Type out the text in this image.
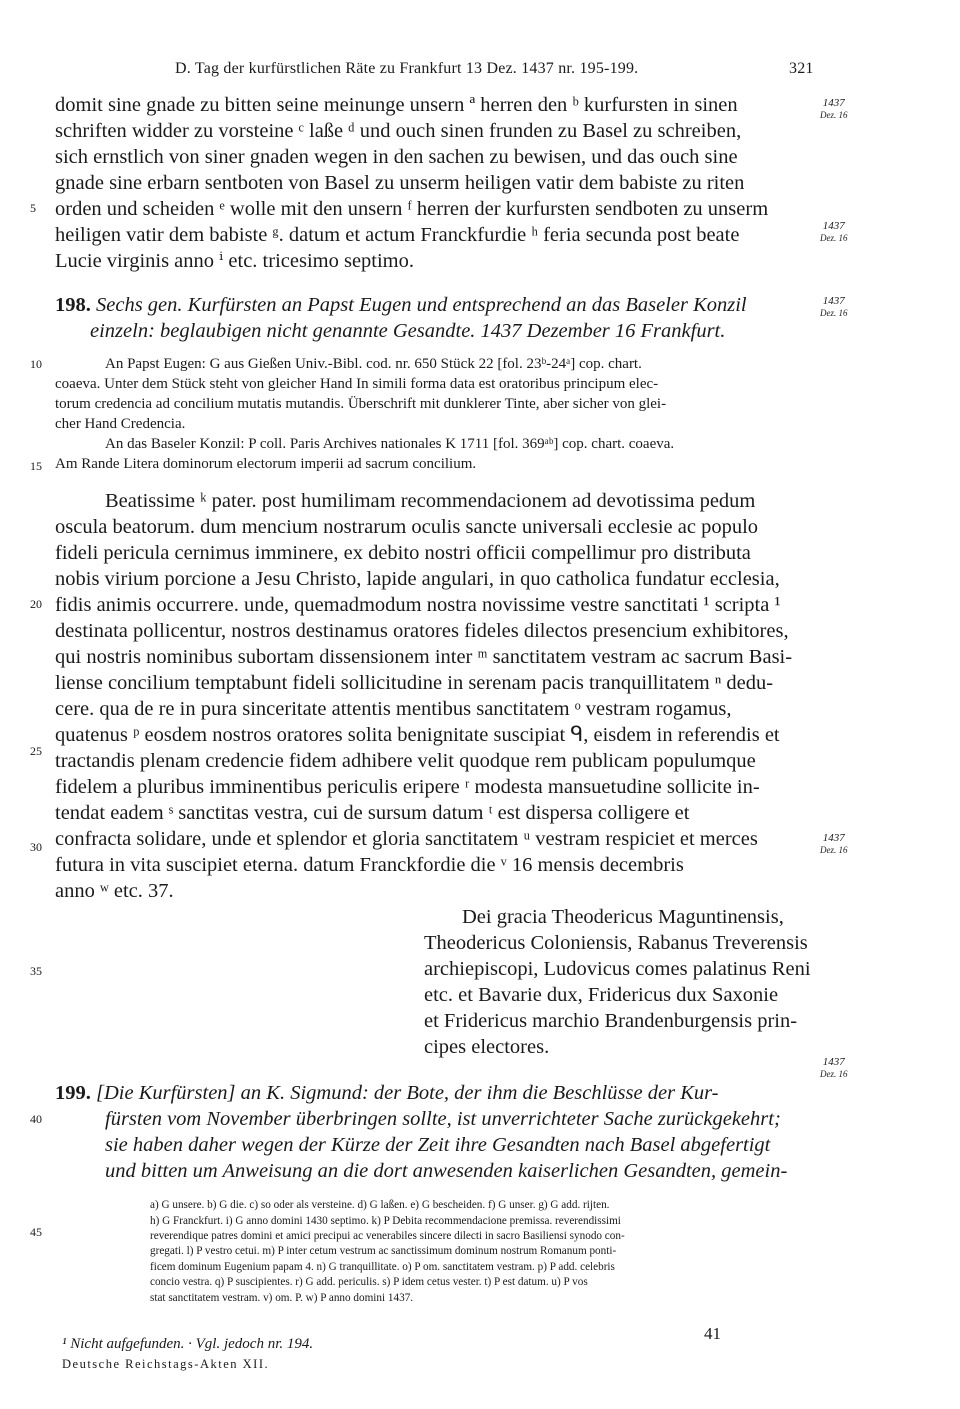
D. Tag der kurfürstlichen Räte zu Frankfurt 13 Dez. 1437 nr. 195-199.	321
domit sine gnade zu bitten seine meinunge unsern ª herren den ᵇ kurfursten in sinen
schriften widder zu vorsteine ᶜ laße ᵈ und ouch sinen frunden zu Basel zu schreiben,
sich ernstlich von siner gnaden wegen in den sachen zu bewisen, und das ouch sine
gnade sine erbarn sentboten von Basel zu unserm heiligen vatir dem babiste zu riten
orden und scheiden ᵉ wolle mit den unsern ᶠ herren der kurfursten sendboten zu unserm
heiligen vatir dem babiste ᵍ. datum et actum Franckfurdie ʰ feria secunda post beate
Lucie virginis anno ⁱ etc. tricesimo septimo.
198. Sechs gen. Kurfürsten an Papst Eugen und entsprechend an das Baseler Konzil
einzeln: beglaubigen nicht genannte Gesandte. 1437 Dezember 16 Frankfurt.
An Papst Eugen: G aus Gießen Univ.-Bibl. cod. nr. 650 Stück 22 [fol. 23ᵇ-24ᵃ] cop. chart.
coaeva. Unter dem Stück steht von gleicher Hand In simili forma data est oratoribus principum elec-
torum credencia ad concilium mutatis mutandis. Überschrift mit dunklerer Tinte, aber sicher von glei-
cher Hand Credencia.
An das Baseler Konzil: P coll. Paris Archives nationales K 1711 [fol. 369ᵃᵇ] cop. chart. coaeva.
Am Rande Litera dominorum electorum imperii ad sacrum concilium.
Beatissime ᵏ pater. post humilimam recommendacionem ad devotissima pedum
oscula beatorum. dum mencium nostrarum oculis sancte universali ecclesie ac populo
fideli pericula cernimus imminere, ex debito nostri officii compellimur pro distributa
nobis virium porcione a Jesu Christo, lapide angulari, in quo catholica fundatur ecclesia,
fidis animis occurrere. unde, quemadmodum nostra novissime vestre sanctitati ¹ scripta ¹
destinata pollicentur, nostros destinamus oratores fideles dilectos presencium exhibitores,
qui nostris nominibus subortam dissensionem inter ᵐ sanctitatem vestram ac sacrum Basi-
liense concilium temptabunt fideli sollicitudine in serenam pacis tranquillitatem ⁿ dedu-
cere. qua de re in pura sinceritate attentis mentibus sanctitatem ᵒ vestram rogamus,
quatenus ᵖ eosdem nostros oratores solita benignitate suscipiat ᑫ, eisdem in referendis et
tractandis plenam credencie fidem adhibere velit quodque rem publicam populumque
fidelem a pluribus imminentibus periculis eripere ʳ modesta mansuetudine sollicite in-
tendat eadem ˢ sanctitas vestra, cui de sursum datum ᵗ est dispersa colligere et
confracta solidare, unde et splendor et gloria sanctitatem ᵘ vestram respiciet et merces
futura in vita suscipiet eterna. datum Franckfordie die ᵛ 16 mensis decembris
anno ʷ etc. 37.
Dei gracia Theodericus Maguntinensis,
Theodericus Coloniensis, Rabanus Treverensis
archiepiscopi, Ludovicus comes palatinus Reni
etc. et Bavarie dux, Fridericus dux Saxonie
et Fridericus marchio Brandenburgensis prin-
cipes electores.
199. [Die Kurfürsten] an K. Sigmund: der Bote, der ihm die Beschlüsse der Kur-
fürsten vom November überbringen sollte, ist unverrichteter Sache zurückgekehrt;
sie haben daher wegen der Kürze der Zeit ihre Gesandten nach Basel abgefertigt
und bitten um Anweisung an die dort anwesenden kaiserlichen Gesandten, gemein-
a) G unsere. b) G die. c) so oder als versteine. d) G laßen. e) G bescheiden. f) G unser. g) G add. rijten.
h) G Franckfurt. i) G anno domini 1430 septimo. k) P Debita recommendacione premissa. reverendissimi
reverendique patres domini et amici precipui ac venerabiles sincere dilecti in sacro Basiliensi synodo con-
gregati. l) P vestro cetui. m) P inter cetum vestrum ac sanctissimum dominum nostrum Romanum ponti-
ficem dominum Eugenium papam 4. n) G tranquillitate. o) P om. sanctitatem vestram. p) P add. celebris
concio vestra. q) P suscipientes. r) G add. periculis. s) P idem cetus vester. t) P est datum. u) P vos
stat sanctitatem vestram. v) om. P. w) P anno domini 1437.
¹ Nicht aufgefunden. · Vgl. jedoch nr. 194.
Deutsche Reichstags-Akten XII.
41
5
10
15
20
25
30
35
40
45
1437
Dez. 16
1437
Dez. 16
1437
Dez. 16
1437
Dez. 16
1437
Dez. 16
